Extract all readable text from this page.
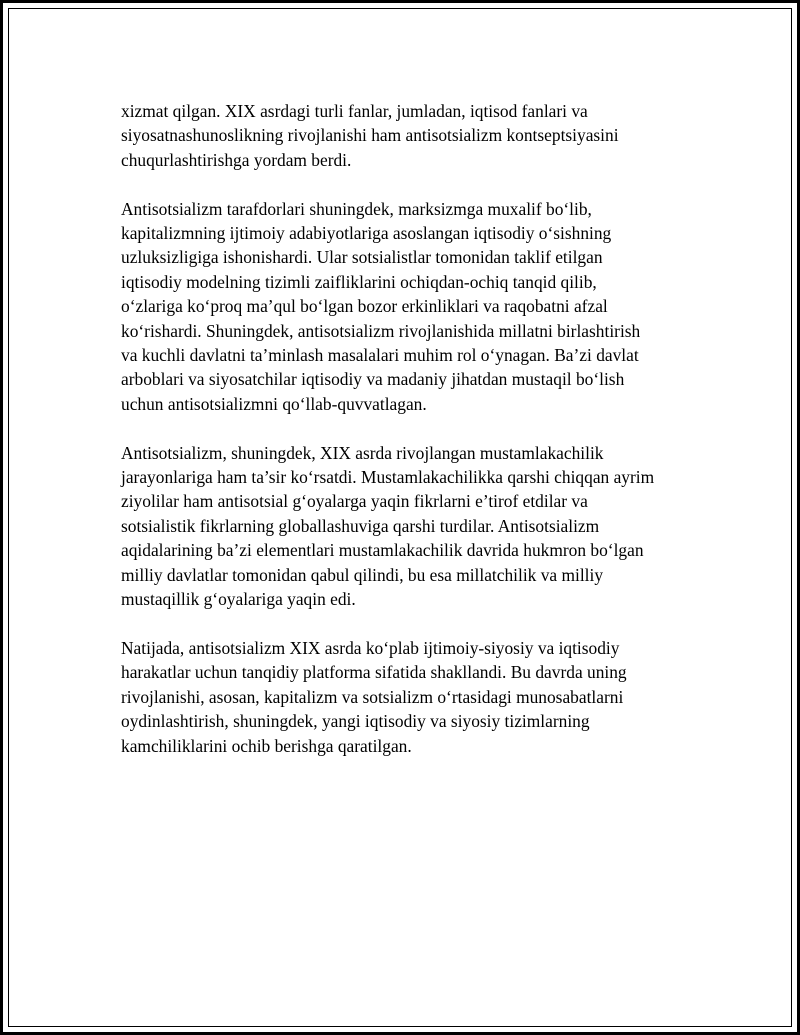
xizmat qilgan. XIX asrdagi turli fanlar, jumladan, iqtisod fanlari va
siyosatnashunoslikning rivojlanishi ham antisotsializm kontseptsiyasini
chuqurlashtirishga yordam berdi.

Antisotsializm tarafdorlari shuningdek, marksizmga muxalif bo‘lib,
kapitalizmning ijtimoiy adabiyotlariga asoslangan iqtisodiy o‘sishning
uzluksizligiga ishonishardi. Ular sotsialistlar tomonidan taklif etilgan
iqtisodiy modelning tizimli zaifliklarini ochiqdan-ochiq tanqid qilib,
o‘zlariga ko‘proq ma’qul bo‘lgan bozor erkinliklari va raqobatni afzal
ko‘rishardi. Shuningdek, antisotsializm rivojlanishida millatni birlashtirish
va kuchli davlatni ta’minlash masalalari muhim rol o‘ynagan. Ba’zi davlat
arboblari va siyosatchilar iqtisodiy va madaniy jihatdan mustaqil bo‘lish
uchun antisotsializmni qo‘llab-quvvatlagan.

Antisotsializm, shuningdek, XIX asrda rivojlangan mustamlakachilik
jarayonlariga ham ta’sir ko‘rsatdi. Mustamlakachilikka qarshi chiqqan ayrim
ziyolilar ham antisotsial g‘oyalarga yaqin fikrlarni e’tirof etdilar va
sotsialistik fikrlarning globallashuviga qarshi turdilar. Antisotsializm
aqidalarining ba’zi elementlari mustamlakachilik davrida hukmron bo‘lgan
milliy davlatlar tomonidan qabul qilindi, bu esa millatchilik va milliy
mustaqillik g‘oyalariga yaqin edi.

Natijada, antisotsializm XIX asrda ko‘plab ijtimoiy-siyosiy va iqtisodiy
harakatlar uchun tanqidiy platforma sifatida shakllandi. Bu davrda uning
rivojlanishi, asosan, kapitalizm va sotsializm o‘rtasidagi munosabatlarni
oydinlashtirish, shuningdek, yangi iqtisodiy va siyosiy tizimlarning
kamchiliklarini ochib berishga qaratilgan.
